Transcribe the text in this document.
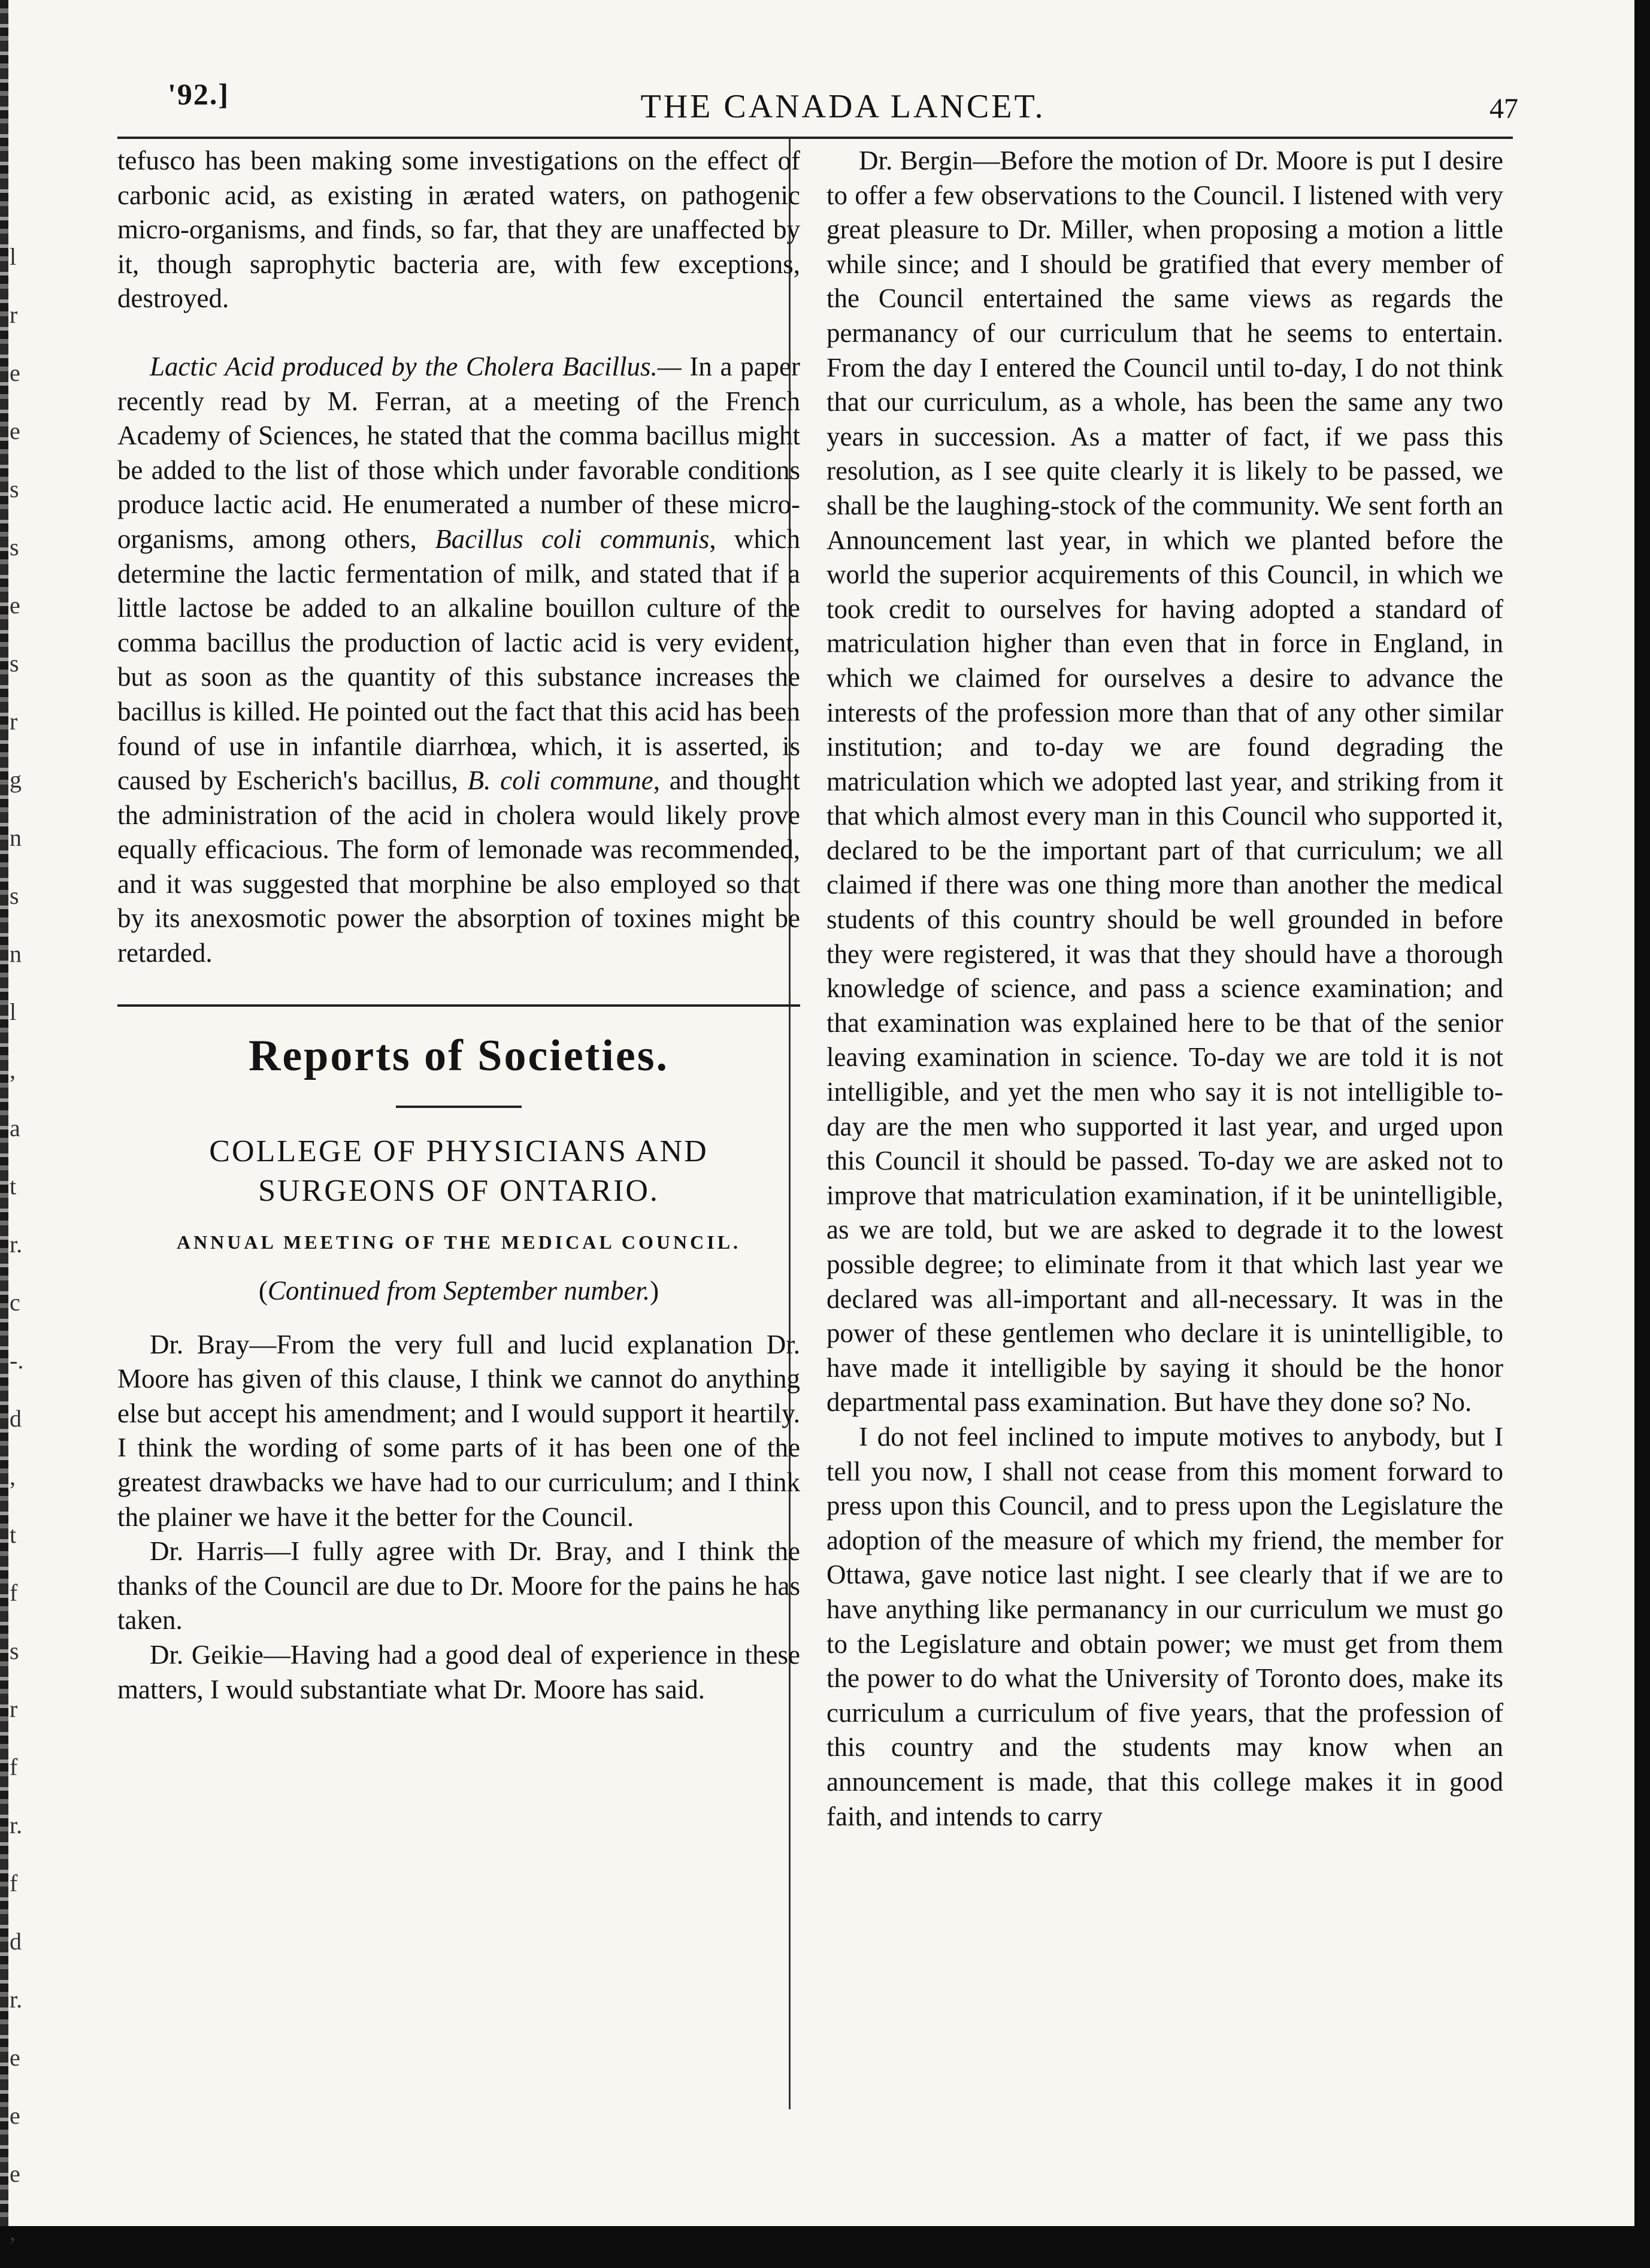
l
r
e
e
s
s
e
s
r
g
n
s
n
l
,
a
t
r.
c
-.
d
,
t
f
s
r
f
r.
f
d
r.
e
e
e
,
'92.]	THE CANADA LANCET.	47

tefusco has been making some investigations on the effect of carbonic acid, as existing in ærated waters, on pathogenic micro-organisms, and finds, so far, that they are unaffected by it, though saprophytic bacteria are, with few exceptions, destroyed.

Lactic Acid produced by the Cholera Bacillus.— In a paper recently read by M. Ferran, at a meeting of the French Academy of Sciences, he stated that the comma bacillus might be added to the list of those which under favorable conditions produce lactic acid. He enumerated a number of these micro-organisms, among others, Bacillus coli communis, which determine the lactic fermentation of milk, and stated that if a little lactose be added to an alkaline bouillon culture of the comma bacillus the production of lactic acid is very evident, but as soon as the quantity of this substance increases the bacillus is killed. He pointed out the fact that this acid has been found of use in infantile diarrhœa, which, it is asserted, is caused by Escherich's bacillus, B. coli commune, and thought the administration of the acid in cholera would likely prove equally efficacious. The form of lemonade was recommended, and it was suggested that morphine be also employed so that by its anexosmotic power the absorption of toxines might be retarded.

Reports of Societies.
COLLEGE OF PHYSICIANS AND SURGEONS OF ONTARIO.
ANNUAL MEETING OF THE MEDICAL COUNCIL.
(Continued from September number.)

Dr. Bray—From the very full and lucid explanation Dr. Moore has given of this clause, I think we cannot do anything else but accept his amendment; and I would support it heartily. I think the wording of some parts of it has been one of the greatest drawbacks we have had to our curriculum; and I think the plainer we have it the better for the Council.

Dr. Harris—I fully agree with Dr. Bray, and I think the thanks of the Council are due to Dr. Moore for the pains he has taken.

Dr. Geikie—Having had a good deal of experience in these matters, I would substantiate what Dr. Moore has said.

Dr. Bergin—Before the motion of Dr. Moore is put I desire to offer a few observations to the Council. I listened with very great pleasure to Dr. Miller, when proposing a motion a little while since; and I should be gratified that every member of the Council entertained the same views as regards the permanancy of our curriculum that he seems to entertain. From the day I entered the Council until to-day, I do not think that our curriculum, as a whole, has been the same any two years in succession. As a matter of fact, if we pass this resolution, as I see quite clearly it is likely to be passed, we shall be the laughing-stock of the community. We sent forth an Announcement last year, in which we planted before the world the superior acquirements of this Council, in which we took credit to ourselves for having adopted a standard of matriculation higher than even that in force in England, in which we claimed for ourselves a desire to advance the interests of the profession more than that of any other similar institution; and to-day we are found degrading the matriculation which we adopted last year, and striking from it that which almost every man in this Council who supported it, declared to be the important part of that curriculum; we all claimed if there was one thing more than another the medical students of this country should be well grounded in before they were registered, it was that they should have a thorough knowledge of science, and pass a science examination; and that examination was explained here to be that of the senior leaving examination in science. To-day we are told it is not intelligible, and yet the men who say it is not intelligible to-day are the men who supported it last year, and urged upon this Council it should be passed. To-day we are asked not to improve that matriculation examination, if it be unintelligible, as we are told, but we are asked to degrade it to the lowest possible degree; to eliminate from it that which last year we declared was all-important and all-necessary. It was in the power of these gentlemen who declare it is unintelligible, to have made it intelligible by saying it should be the honor departmental pass examination. But have they done so? No.

I do not feel inclined to impute motives to anybody, but I tell you now, I shall not cease from this moment forward to press upon this Council, and to press upon the Legislature the adoption of the measure of which my friend, the member for Ottawa, gave notice last night. I see clearly that if we are to have anything like permanancy in our curriculum we must go to the Legislature and obtain power; we must get from them the power to do what the University of Toronto does, make its curriculum a curriculum of five years, that the profession of this country and the students may know when an announcement is made, that this college makes it in good faith, and intends to carry
